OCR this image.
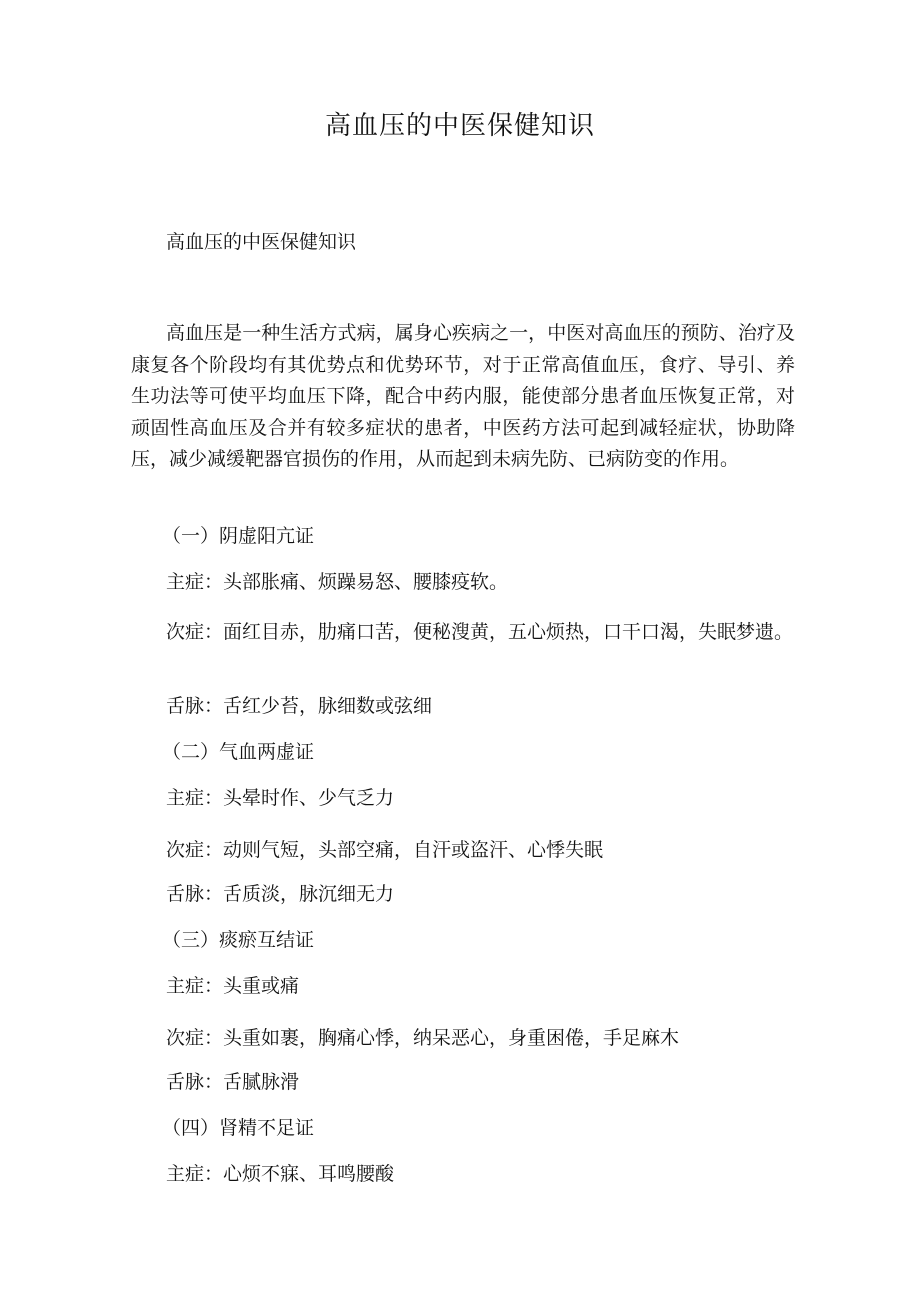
高血压的中医保健知识
高血压的中医保健知识

高血压是一种生活方式病，属身心疾病之一，中医对高血压的预防、治疗及康复各个阶段均有其优势点和优势环节，对于正常高值血压，食疗、导引、养生功法等可使平均血压下降，配合中药内服，能使部分患者血压恢复正常，对顽固性高血压及合并有较多症状的患者，中医药方法可起到减轻症状，协助降压，减少减缓靶器官损伤的作用，从而起到未病先防、已病防变的作用。

（一）阴虚阳亢证
主症：头部胀痛、烦躁易怒、腰膝疫软。

次症：面红目赤，肋痛口苦，便秘溲黄，五心烦热，口干口渴，失眠梦遗。

舌脉：舌红少苔，脉细数或弦细
（二）气血两虚证
主症：头晕时作、少气乏力
次症：动则气短，头部空痛，自汗或盗汗、心悸失眠
舌脉：舌质淡，脉沉细无力
（三）痰瘀互结证
主症：头重或痛
次症：头重如裹，胸痛心悸，纳呆恶心，身重困倦，手足麻木
舌脉：舌腻脉滑
（四）肾精不足证
主症：心烦不寐、耳鸣腰酸
